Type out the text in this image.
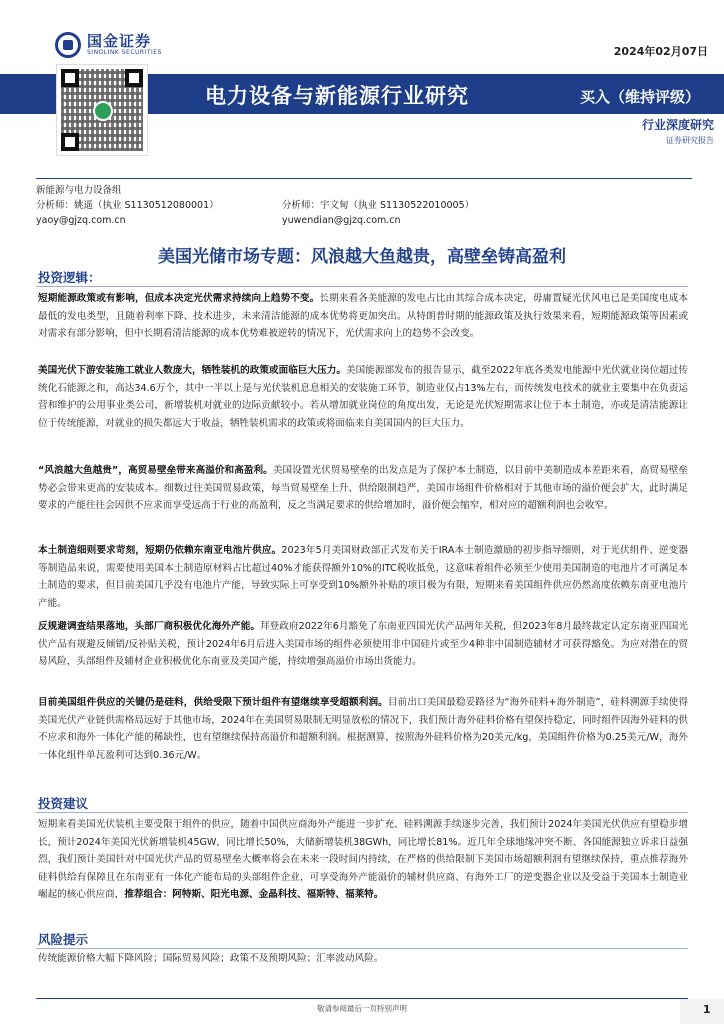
国金证券
SINOLINK SECURITIES	2024年02月07日
电力设备与新能源行业研究	买入（维持评级）
行业深度研究
证券研究报告
新能源与电力设备组
分析师：姚遥（执业 S1130512080001）	分析师：宇文甸（执业 S1130522010005）
yaoy@gjzq.com.cn	yuwendian@gjzq.com.cn
美国光储市场专题：风浪越大鱼越贵，高壁垒铸高盈利
投资逻辑：
短期能源政策或有影响，但成本决定光伏需求持续向上趋势不变。长期来看各美能源的发电占比由其综合成本决定，毋庸置疑光伏风电已是美国度电成本最低的发电类型，且随着利率下降、技术进步，未来清洁能源的成本优势将更加突出。从特朗普时期的能源政策及执行效果来看，短期能源政策等因素或对需求有部分影响，但中长期看清洁能源的成本优势难被逆转的情况下，光伏需求向上的趋势不会改变。
美国光伏下游安装施工就业人数庞大，牺牲装机的政策或面临巨大压力。美国能源部发布的报告显示，截至2022年底各类发电能源中光伏就业岗位超过传统化石能源之和，高达34.6万个，其中一半以上是与光伏装机息息相关的安装施工环节，制造业仅占13%左右，而传统发电技术的就业主要集中在负责运营和维护的公用事业类公司，新增装机对就业的边际贡献较小。若从增加就业岗位的角度出发，无论是光伏短期需求让位于本土制造，亦或是清洁能源让位于传统能源，对就业的损失都远大于收益，牺牲装机需求的政策或将面临来自美国国内的巨大压力。
“风浪越大鱼越贵”，高贸易壁垒带来高溢价和高盈利。美国设置光伏贸易壁垒的出发点是为了保护本土制造，以目前中美制造成本差距来看，高贸易壁垒势必会带来更高的安装成本。细数过往美国贸易政策，每当贸易壁垒上升、供给限制趋严，美国市场组件价格相对于其他市场的溢价便会扩大，此时满足要求的产能往往会因供不应求而享受远高于行业的高盈利，反之当满足要求的供给增加时，溢价便会缩窄，相对应的超额利润也会收窄。
本土制造细则要求苛刻，短期仍依赖东南亚电池片供应。2023年5月美国财政部正式发布关于IRA本土制造激励的初步指导细则，对于光伏组件、逆变器等制造品来说，需要使用美国本土制造原材料占比超过40%才能获得额外10%的ITC税收抵免，这意味着组件必须至少使用美国制造的电池片才可满足本土制造的要求，但目前美国几乎没有电池片产能，导致实际上可享受到10%额外补贴的项目极为有限，短期来看美国组件供应仍然高度依赖东南亚电池片产能。
反规避调查结果落地，头部厂商积极优化海外产能。拜登政府2022年6月豁免了东南亚四国光伏产品两年关税，但2023年8月最终裁定认定东南亚四国光伏产品有规避反倾销/反补贴关税，预计2024年6月后进入美国市场的组件必须使用非中国硅片或至少4种非中国制造辅材才可获得豁免。为应对潜在的贸易风险，头部组件及辅材企业积极优化东南亚及美国产能，持续增强高溢价市场出货能力。
目前美国组件供应的关键仍是硅料，供给受限下预计组件有望继续享受超额利润。目前出口美国最稳妥路径为“海外硅料+海外制造”，硅料溯源手续使得美国光伏产业链供需格局远好于其他市场，2024年在美国贸易限制无明显放松的情况下，我们预计海外硅料价格有望保持稳定，同时组件因海外硅料的供不应求和海外一体化产能的稀缺性，也有望继续保持高溢价和超额利润。根据测算，按照海外硅料价格为20美元/kg，美国组件价格为0.25美元/W，海外一体化组件单瓦盈利可达到0.36元/W。
投资建议
短期来看美国光伏装机主要受限于组件的供应，随着中国供应商海外产能进一步扩充、硅料溯源手续逐步完善，我们预计2024年美国光伏供应有望稳步增长，预计2024年美国光伏新增装机45GW，同比增长50%，大储新增装机38GWh，同比增长81%。近几年全球地缘冲突不断、各国能源独立诉求日益强烈，我们预计美国针对中国光伏产品的贸易壁垒大概率将会在未来一段时间内持续，在严格的供给限制下美国市场超额利润有望继续保持，重点推荐海外硅料供给有保障且在东南亚有一体化产能布局的头部组件企业，可享受海外产能溢价的辅材供应商、有海外工厂的逆变器企业以及受益于美国本土制造业崛起的核心供应商，推荐组合：阿特斯、阳光电源、金晶科技、福斯特、福莱特。
风险提示
传统能源价格大幅下降风险；国际贸易风险；政策不及预期风险；汇率波动风险。
敬请参阅最后一页特别声明	1
